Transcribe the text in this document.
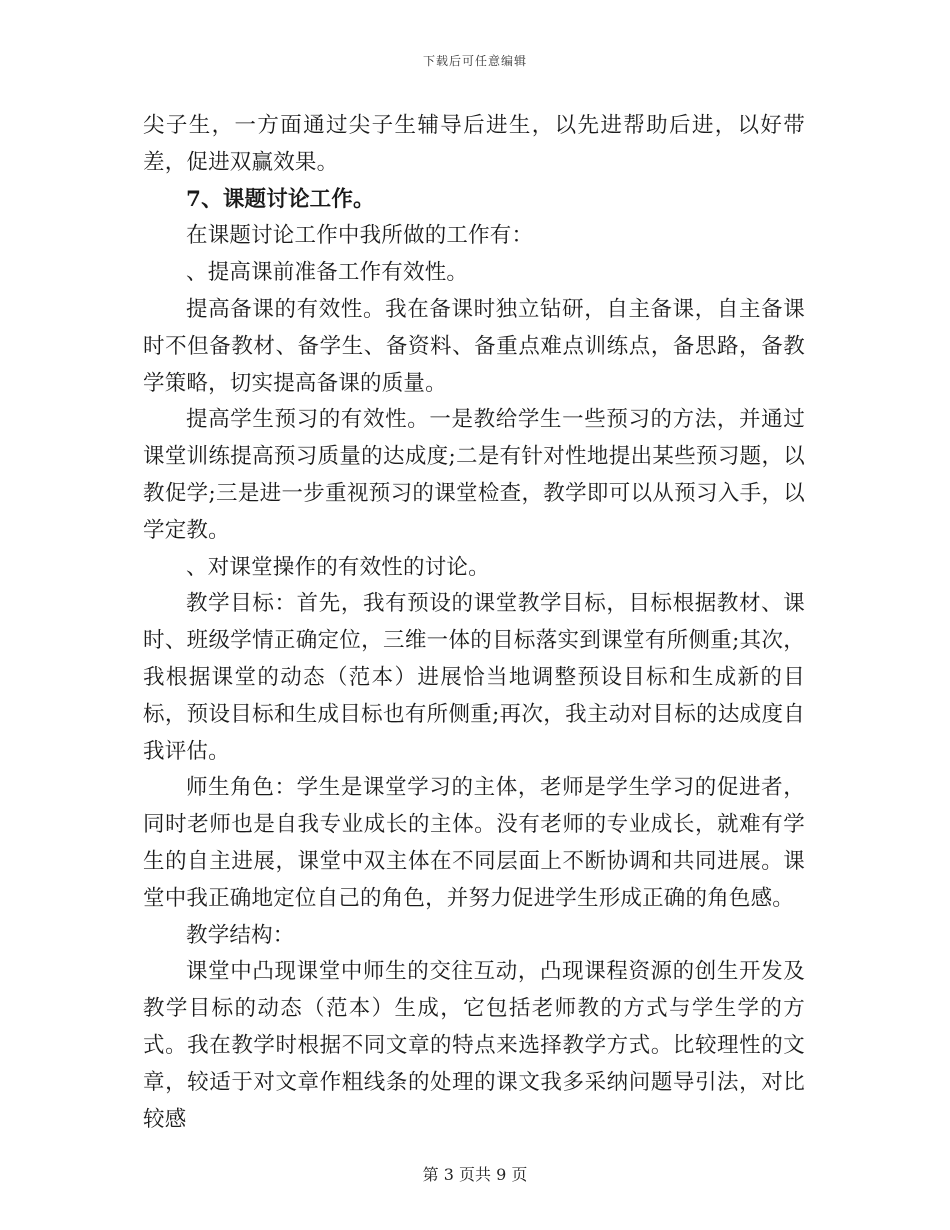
下载后可任意编辑

尖子生，一方面通过尖子生辅导后进生，以先进帮助后进，以好带差，促进双赢效果。

7、课题讨论工作。

在课题讨论工作中我所做的工作有：

、提高课前准备工作有效性。

提高备课的有效性。我在备课时独立钻研，自主备课，自主备课时不但备教材、备学生、备资料、备重点难点训练点，备思路，备教学策略，切实提高备课的质量。

提高学生预习的有效性。一是教给学生一些预习的方法，并通过课堂训练提高预习质量的达成度;二是有针对性地提出某些预习题，以教促学;三是进一步重视预习的课堂检查，教学即可以从预习入手，以学定教。

、对课堂操作的有效性的讨论。

教学目标：首先，我有预设的课堂教学目标，目标根据教材、课时、班级学情正确定位，三维一体的目标落实到课堂有所侧重;其次，我根据课堂的动态（范本）进展恰当地调整预设目标和生成新的目标，预设目标和生成目标也有所侧重;再次，我主动对目标的达成度自我评估。

师生角色：学生是课堂学习的主体，老师是学生学习的促进者，同时老师也是自我专业成长的主体。没有老师的专业成长，就难有学生的自主进展，课堂中双主体在不同层面上不断协调和共同进展。课堂中我正确地定位自己的角色，并努力促进学生形成正确的角色感。

教学结构：

课堂中凸现课堂中师生的交往互动，凸现课程资源的创生开发及教学目标的动态（范本）生成，它包括老师教的方式与学生学的方式。我在教学时根据不同文章的特点来选择教学方式。比较理性的文章，较适于对文章作粗线条的处理的课文我多采纳问题导引法，对比较感

第 3 页共 9 页
